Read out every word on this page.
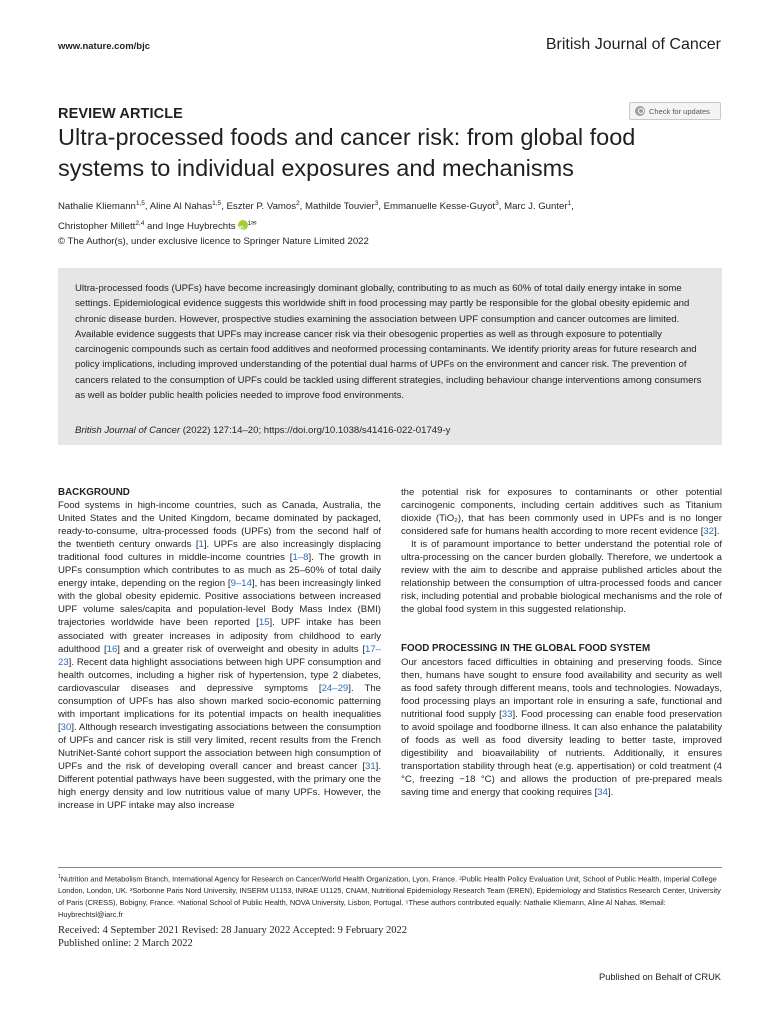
www.nature.com/bjc	British Journal of Cancer
REVIEW ARTICLE	Check for updates
Ultra-processed foods and cancer risk: from global food
systems to individual exposures and mechanisms
Nathalie Kliemann$^{1,5}$, Aline Al Nahas$^{1,5}$, Eszter P. Vamos$^2$, Mathilde Touvier$^3$, Emmanuelle Kesse-Guyot$^3$, Marc J. Gunter$^1$,
Christopher Millett$^{2,4}$ and Inge HuybrechtsiD $^{1✉}$
© The Author(s), under exclusive licence to Springer Nature Limited 2022

Ultra-processed foods (UPFs) have become increasingly dominant globally, contributing to as much as 60% of total daily energy intake in some settings. Epidemiological evidence suggests this worldwide shift in food processing may partly be responsible for the global obesity epidemic and chronic disease burden. However, prospective studies examining the association between UPF consumption and cancer outcomes are limited. Available evidence suggests that UPFs may increase cancer risk via their obesogenic properties as well as through exposure to potentially carcinogenic compounds such as certain food additives and neoformed processing contaminants. We identify priority areas for future research and policy implications, including improved understanding of the potential dual harms of UPFs on the environment and cancer risk. The prevention of cancers related to the consumption of UPFs could be tackled using different strategies, including behaviour change interventions among consumers as well as bolder public health policies needed to improve food environments.

British Journal of Cancer (2022) 127:14–20; https://doi.org/10.1038/s41416-022-01749-y
BACKGROUND

Food systems in high-income countries, such as Canada, Australia, the United States and the United Kingdom, became dominated by packaged, ready-to-consume, ultra-processed foods (UPFs) from the second half of the twentieth century onwards [1]. UPFs are also increasingly displacing traditional food cultures in middle-income countries [1–8]. The growth in UPFs consumption which contributes to as much as 25–60% of total daily energy intake, depending on the region [9–14], has been increasingly linked with the global obesity epidemic. Positive associations between increased UPF volume sales/capita and population-level Body Mass Index (BMI) trajectories worldwide have been reported [15]. UPF intake has been associated with greater increases in adiposity from childhood to early adulthood [16] and a greater risk of overweight and obesity in adults [17–23]. Recent data highlight associations between high UPF consumption and health outcomes, including a higher risk of hypertension, type 2 diabetes, cardiovascular diseases and depressive symptoms [24–29]. The consumption of UPFs has also shown marked socio-economic patterning with important implications for its potential impacts on health inequalities [30]. Although research investigating associations between the consumption of UPFs and cancer risk is still very limited, recent results from the French NutriNet-Santé cohort support the association between high consumption of UPFs and the risk of developing overall cancer and breast cancer [31]. Different potential pathways have been suggested, with the primary one the high energy density and low nutritious value of many UPFs. However, the increase in UPF intake may also increase

the potential risk for exposures to contaminants or other potential carcinogenic components, including certain additives such as Titanium dioxide (TiO₂), that has been commonly used in UPFs and is no longer considered safe for humans health according to more recent evidence [32].

It is of paramount importance to better understand the potential role of ultra-processing on the cancer burden globally. Therefore, we undertook a review with the aim to describe and appraise published articles about the relationship between the consumption of ultra-processed foods and cancer risk, including potential and probable biological mechanisms and the role of the global food system in this suggested relationship.

FOOD PROCESSING IN THE GLOBAL FOOD SYSTEM

Our ancestors faced difficulties in obtaining and preserving foods. Since then, humans have sought to ensure food availability and security as well as food safety through different means, tools and technologies. Nowadays, food processing plays an important role in ensuring a safe, functional and nutritional food supply [33]. Food processing can enable food preservation to avoid spoilage and foodborne illness. It can also enhance the palatability of foods as well as food diversity leading to better taste, improved digestibility and bioavailability of nutrients. Additionally, it ensures transportation stability through heat (e.g. appertisation) or cold treatment (4 °C, freezing −18 °C) and allows the production of pre-prepared meals saving time and energy that cooking requires [34].

$^1$Nutrition and Metabolism Branch, International Agency for Research on Cancer/World Health Organization, Lyon, France. ²Public Health Policy Evaluation Unit, School of Public Health, Imperial College London, London, UK. ³Sorbonne Paris Nord University, INSERM U1153, INRAE U1125, CNAM, Nutritional Epidemiology Research Team (EREN), Epidemiology and Statistics Research Center, University of Paris (CRESS), Bobigny, France. ⁴National School of Public Health, NOVA University, Lisbon, Portugal. ⁵These authors contributed equally: Nathalie Kliemann, Aline Al Nahas. ✉email: Huybrechtsl@iarc.fr
Received: 4 September 2021 Revised: 28 January 2022 Accepted: 9 February 2022
Published online: 2 March 2022
Published on Behalf of CRUK
